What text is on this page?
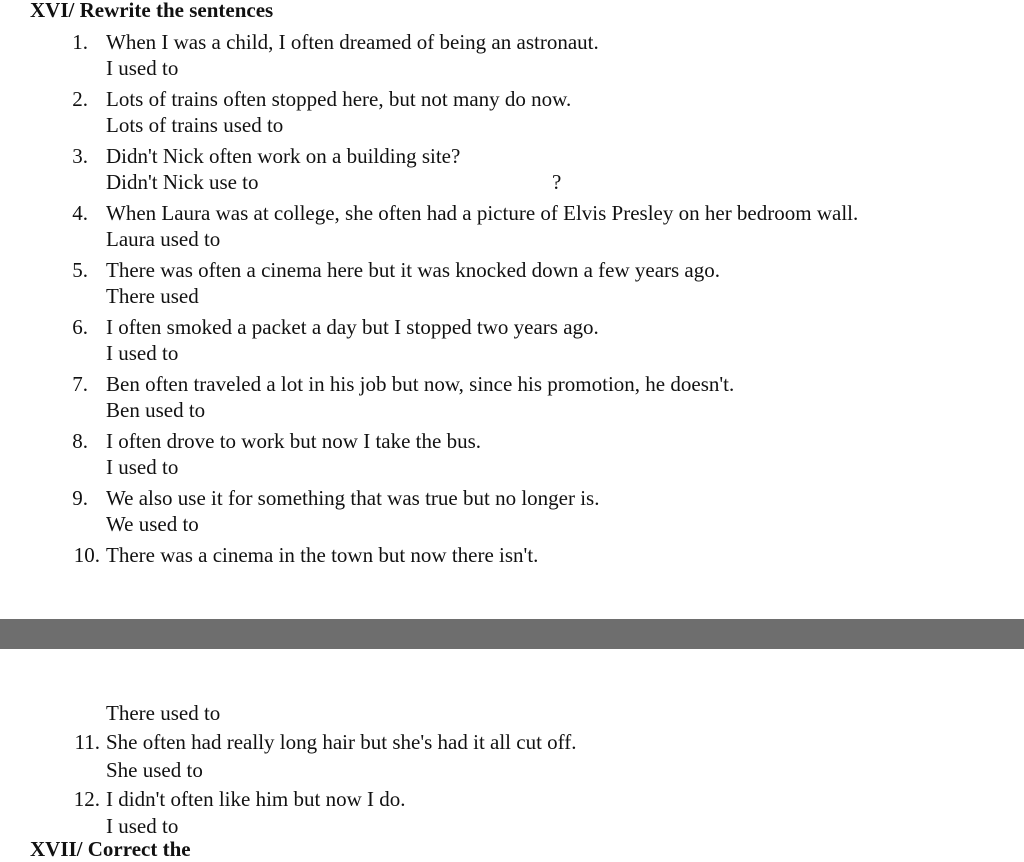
XVI/ Rewrite the sentences
1. When I was a child, I often dreamed of being an astronaut.
I used to
2. Lots of trains often stopped here, but not many do now.
Lots of trains used to
3. Didn't Nick often work on a building site?
Didn't Nick use to	?
4. When Laura was at college, she often had a picture of Elvis Presley on her bedroom wall.
Laura used to
5. There was often a cinema here but it was knocked down a few years ago.
There used
6. I often smoked a packet a day but I stopped two years ago.
I used to
7. Ben often traveled a lot in his job but now, since his promotion, he doesn't.
Ben used to
8. I often drove to work but now I take the bus.
I used to
9. We also use it for something that was true but no longer is.
We used to
10. There was a cinema in the town but now there isn't.
There used to
11. She often had really long hair but she's had it all cut off.
She used to
12. I didn't often like him but now I do.
I used to
XVII/ Correct the
